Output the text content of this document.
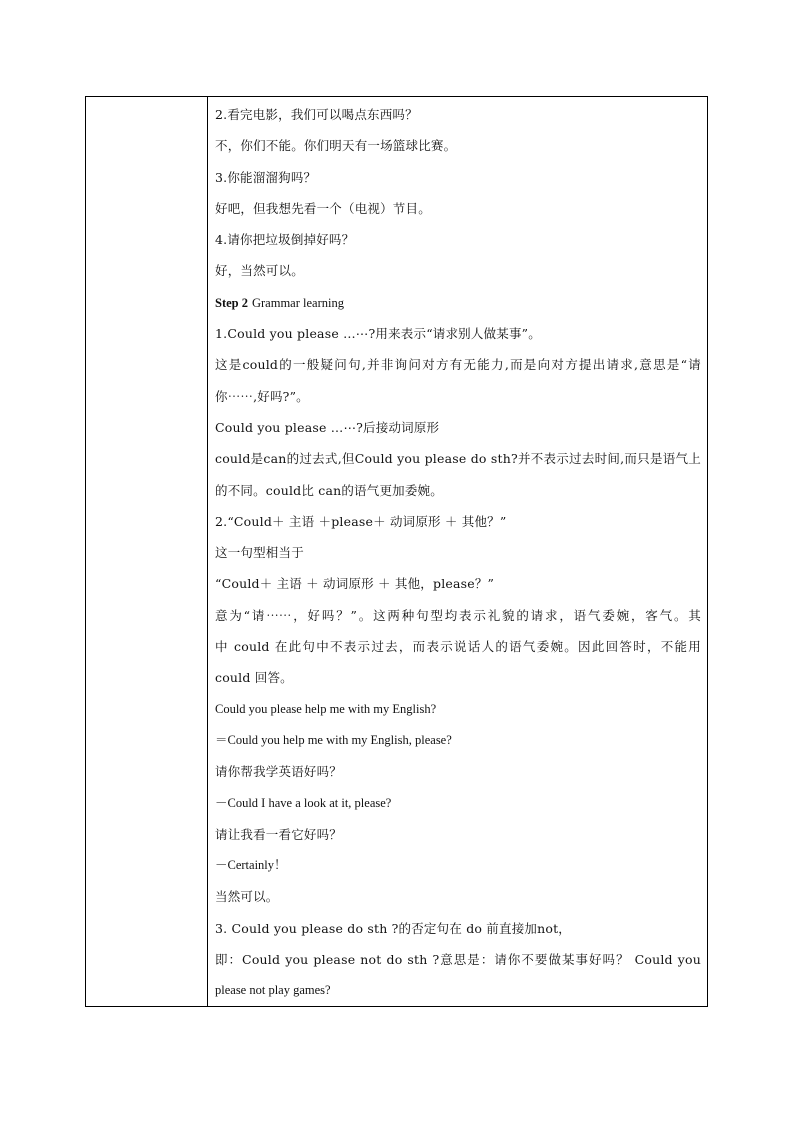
2.看完电影，我们可以喝点东西吗？
不，你们不能。你们明天有一场篮球比赛。
3.你能溜溜狗吗？
好吧，但我想先看一个（电视）节目。
4.请你把垃圾倒掉好吗？
好，当然可以。
Step 2 Grammar learning
1.Could you please …⋯?用来表示“请求别人做某事”。
这是could的一般疑问句,并非询问对方有无能力,而是向对方提出请求,意思是“请
你⋯⋯,好吗?”。
Could you please …⋯?后接动词原形
could是can的过去式,但Could you please do sth?并不表示过去时间,而只是语气上
的不同。could比 can的语气更加委婉。
2.“Could＋ 主语 ＋please＋ 动词原形 ＋ 其他？”
这一句型相当于
“Could＋ 主语 ＋ 动词原形 ＋ 其他，please？”
意为“请⋯⋯，好吗？”。这两种句型均表示礼貌的请求，语气委婉，客气。其
中 could 在此句中不表示过去，而表示说话人的语气委婉。因此回答时，不能用
could 回答。
Could you please help me with my English?
＝Could you help me with my English, please?
请你帮我学英语好吗？
－Could I have a look at it, please?
请让我看一看它好吗？
－Certainly！
当然可以。
3. Could you please do sth ?的否定句在 do 前直接加not，
即：Could you please not do sth ?意思是：请你不要做某事好吗？ Could you
please not play games?
